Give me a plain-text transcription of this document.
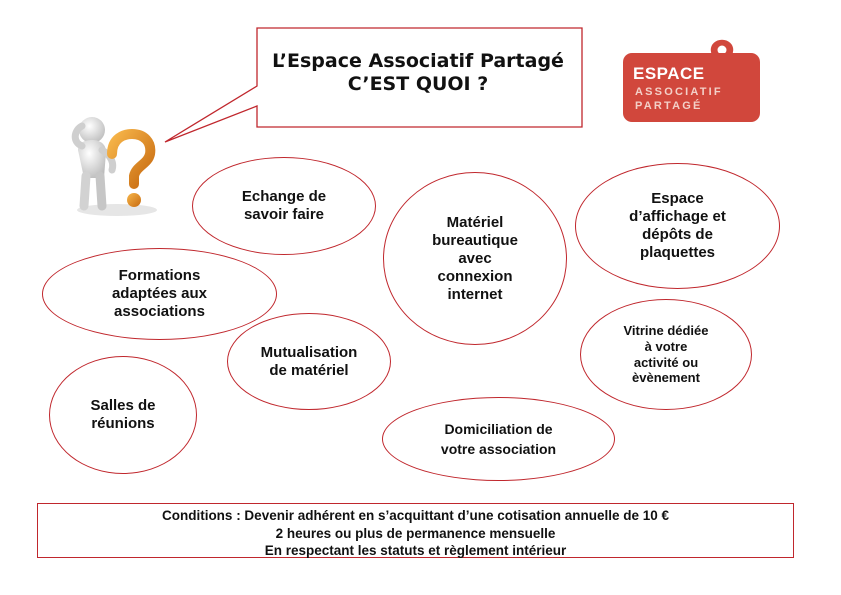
L’Espace Associatif Partagé
C’EST QUOI ?	ESPACE
ASSOCIATIF
PARTAGÉ
Echange de
savoir faire	Matériel
bureautique
avec
connexion
internet
Espace
d’affichage et
dépôts de
plaquettes
Formations
adaptées aux
associations
Mutualisation
de matériel
Vitrine dédiée
à votre
activité ou
èvènement
Salles de
réunions	Domiciliation de
votre association
Conditions : Devenir adhérent en s’acquittant d’une cotisation annuelle de 10 €
2 heures ou plus de permanence mensuelle
En respectant les statuts et règlement intérieur
